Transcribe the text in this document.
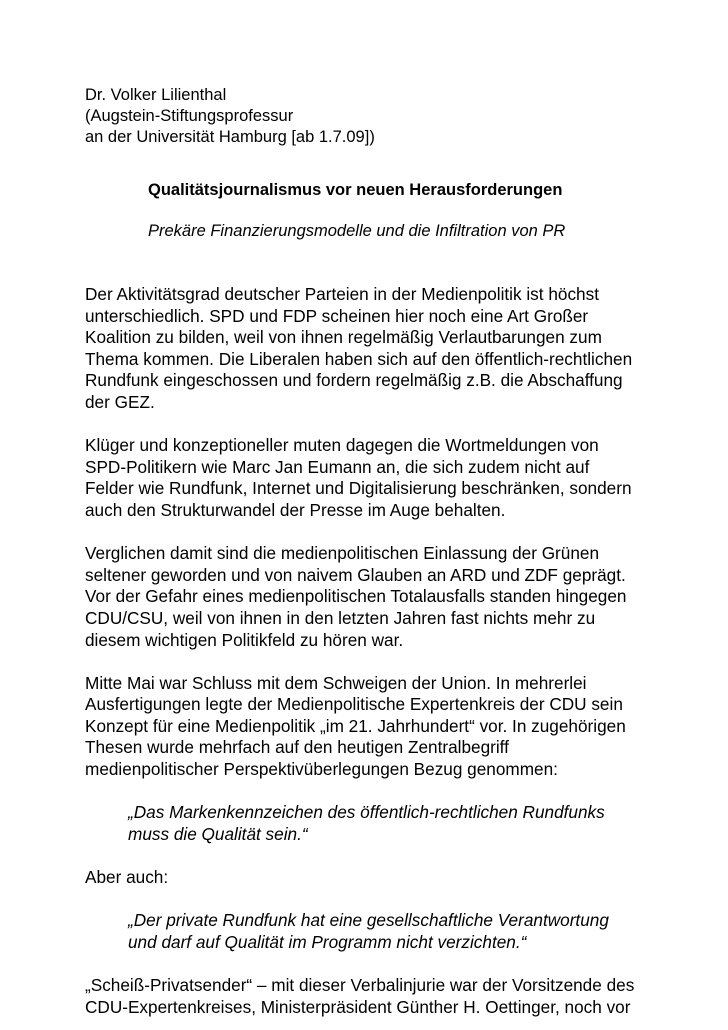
Dr. Volker Lilienthal
(Augstein-Stiftungsprofessur
an der Universität Hamburg [ab 1.7.09])
Qualitätsjournalismus vor neuen Herausforderungen
Prekäre Finanzierungsmodelle und die Infiltration von PR

Der Aktivitätsgrad deutscher Parteien in der Medienpolitik ist höchst
unterschiedlich. SPD und FDP scheinen hier noch eine Art Großer
Koalition zu bilden, weil von ihnen regelmäßig Verlautbarungen zum
Thema kommen. Die Liberalen haben sich auf den öffentlich-rechtlichen
Rundfunk eingeschossen und fordern regelmäßig z.B. die Abschaffung
der GEZ.

Klüger und konzeptioneller muten dagegen die Wortmeldungen von
SPD-Politikern wie Marc Jan Eumann an, die sich zudem nicht auf
Felder wie Rundfunk, Internet und Digitalisierung beschränken, sondern
auch den Strukturwandel der Presse im Auge behalten.

Verglichen damit sind die medienpolitischen Einlassung der Grünen
seltener geworden und von naivem Glauben an ARD und ZDF geprägt.
Vor der Gefahr eines medienpolitischen Totalausfalls standen hingegen
CDU/CSU, weil von ihnen in den letzten Jahren fast nichts mehr zu
diesem wichtigen Politikfeld zu hören war.

Mitte Mai war Schluss mit dem Schweigen der Union. In mehrerlei
Ausfertigungen legte der Medienpolitische Expertenkreis der CDU sein
Konzept für eine Medienpolitik „im 21. Jahrhundert“ vor. In zugehörigen
Thesen wurde mehrfach auf den heutigen Zentralbegriff
medienpolitischer Perspektivüberlegungen Bezug genommen:

„Das Markenkennzeichen des öffentlich-rechtlichen Rundfunks
muss die Qualität sein.“

Aber auch:

„Der private Rundfunk hat eine gesellschaftliche Verantwortung
und darf auf Qualität im Programm nicht verzichten.“

„Scheiß-Privatsender“ – mit dieser Verbalinjurie war der Vorsitzende des
CDU-Expertenkreises, Ministerpräsident Günther H. Oettinger, noch vor
